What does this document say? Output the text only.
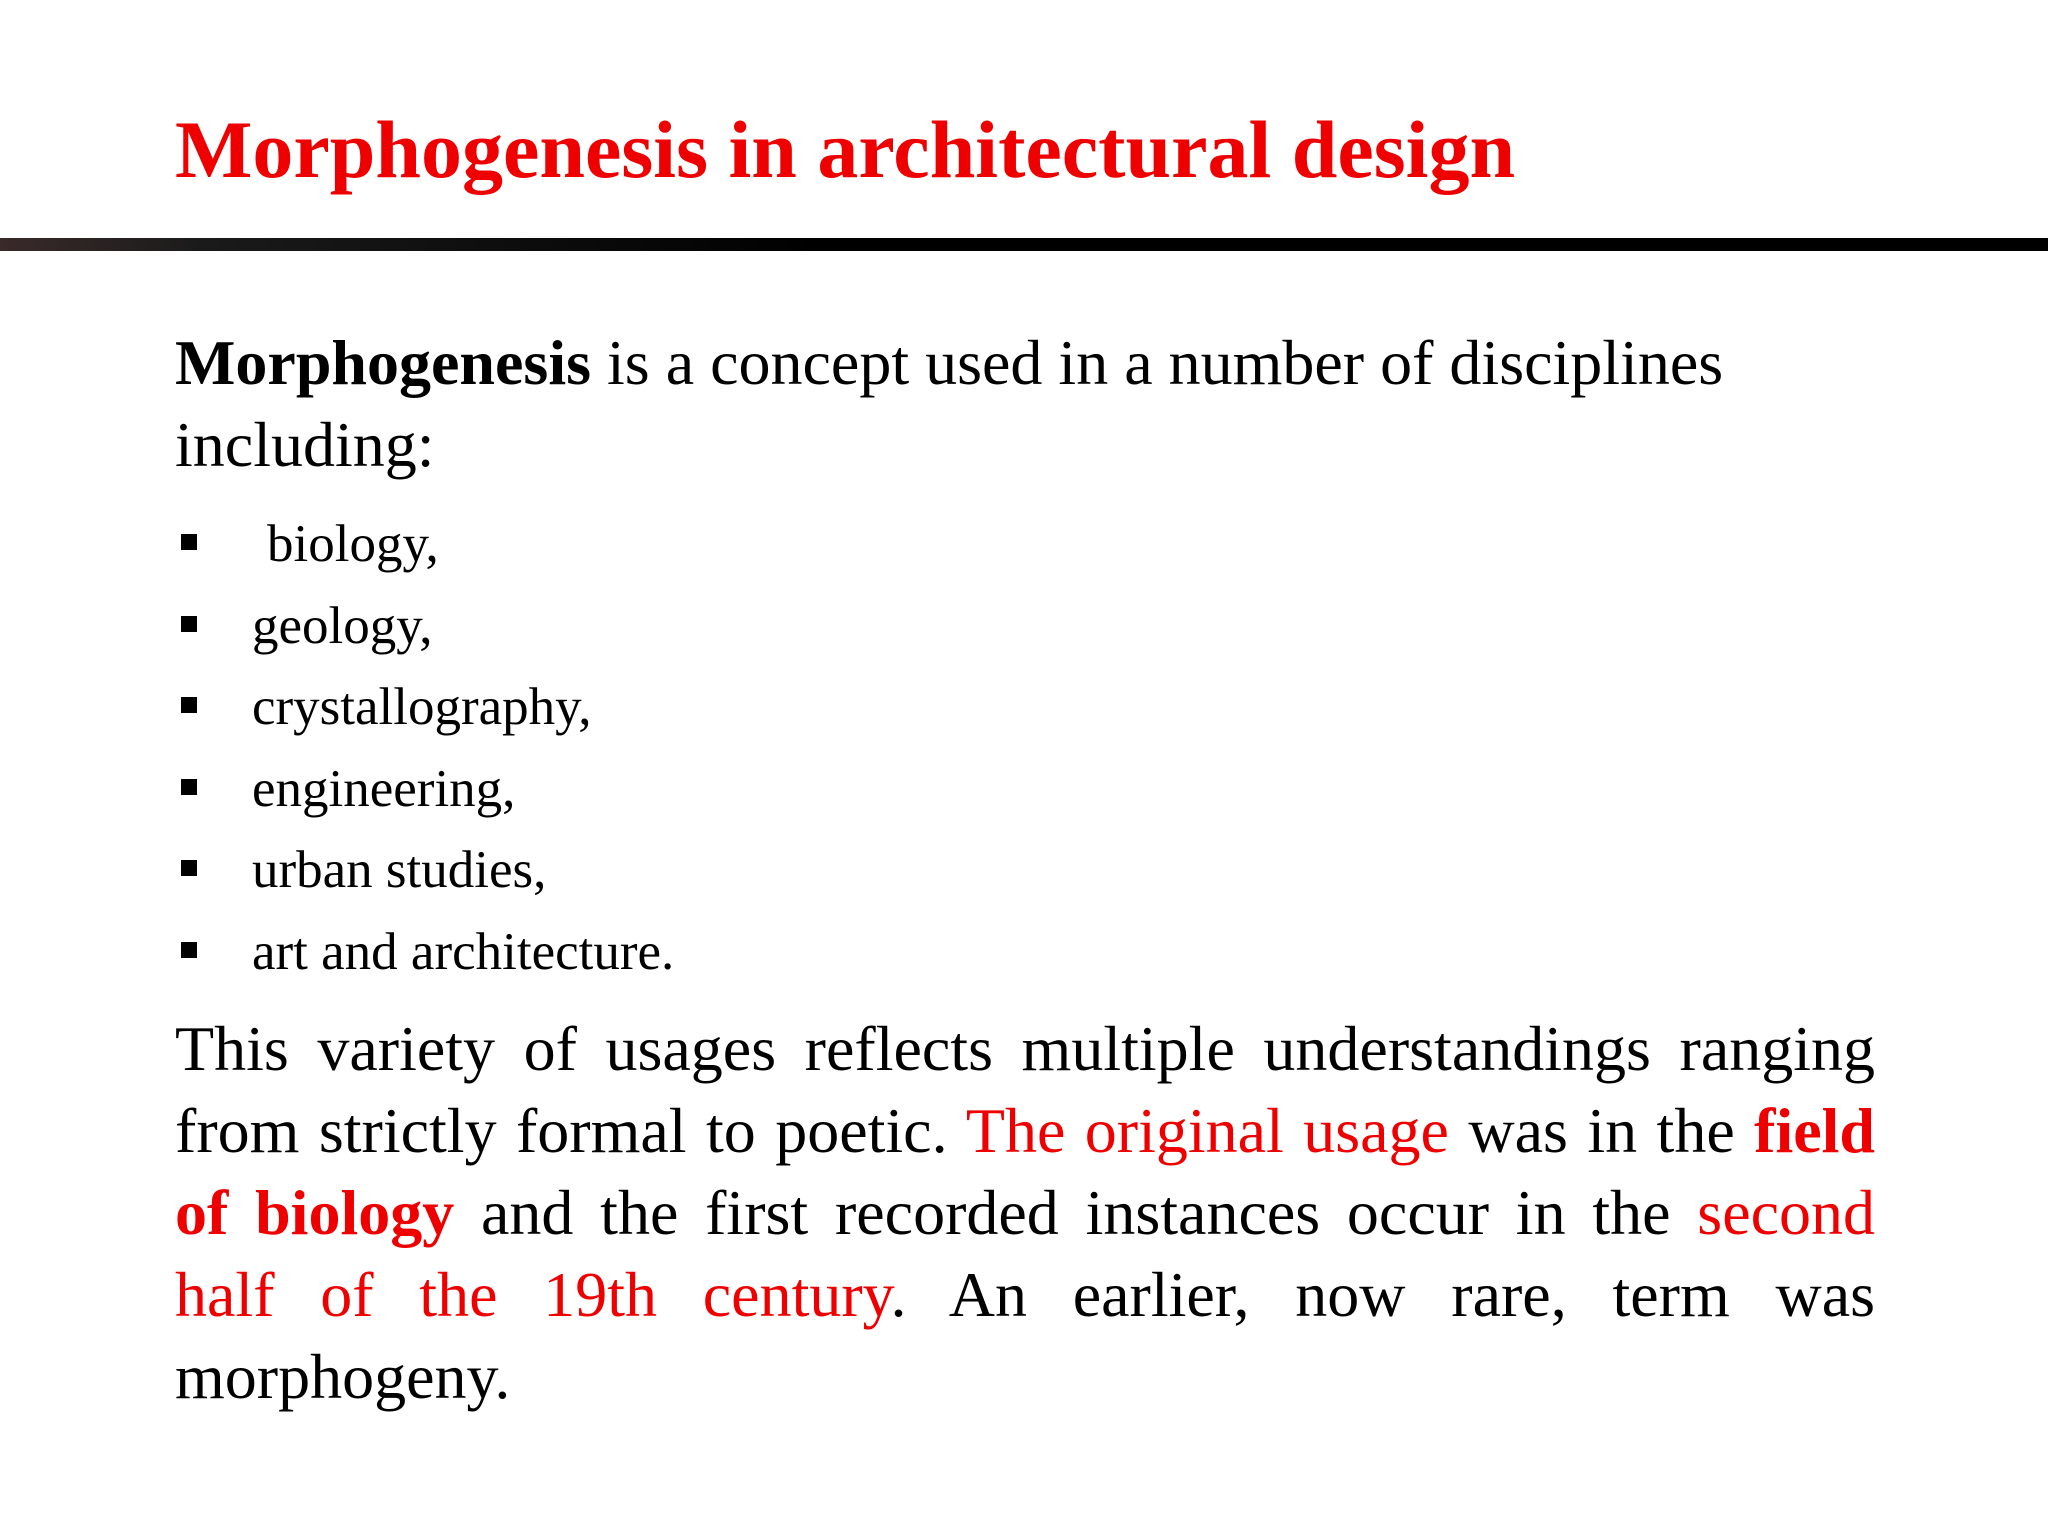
Morphogenesis in architectural design

Morphogenesis is a concept used in a number of disciplines including:

biology,
geology,
crystallography,
engineering,
urban studies,
art and architecture.

This variety of usages reflects multiple understandings ranging from strictly formal to poetic. The original usage was in the field of biology and the first recorded instances occur in the second half of the 19th century. An earlier, now rare, term was morphogeny.
